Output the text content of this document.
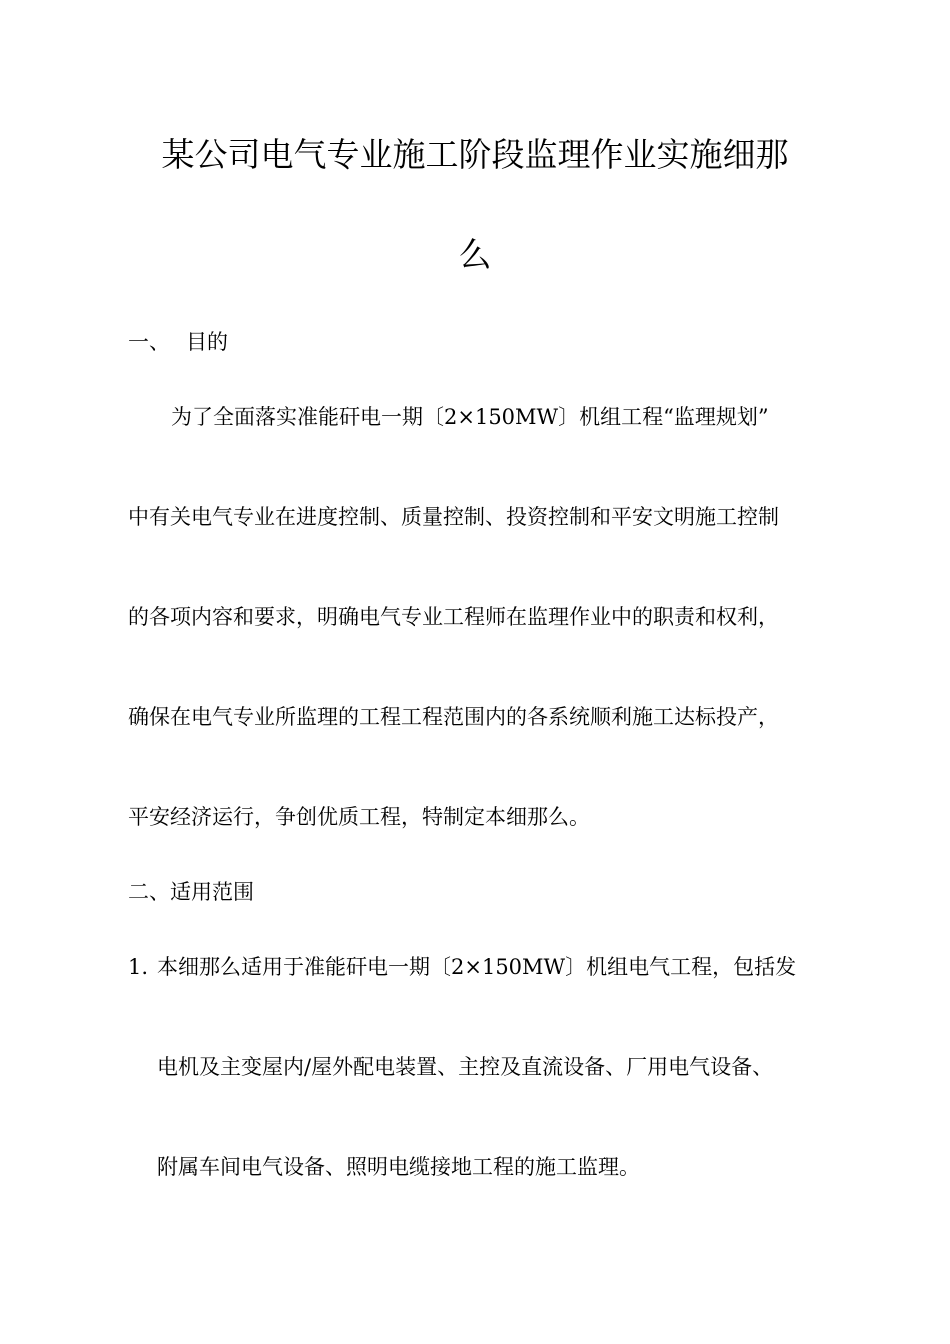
某公司电气专业施工阶段监理作业实施细那
么
一、 目的
为了全面落实准能矸电一期〔2×150MW〕机组工程“监理规划”
中有关电气专业在进度控制、质量控制、投资控制和平安文明施工控制
的各项内容和要求，明确电气专业工程师在监理作业中的职责和权利，
确保在电气专业所监理的工程工程范围内的各系统顺利施工达标投产，
平安经济运行，争创优质工程，特制定本细那么。
二、适用范围
1. 本细那么适用于准能矸电一期〔2×150MW〕机组电气工程，包括发
电机及主变屋内/屋外配电装置、主控及直流设备、厂用电气设备、
附属车间电气设备、照明电缆接地工程的施工监理。
